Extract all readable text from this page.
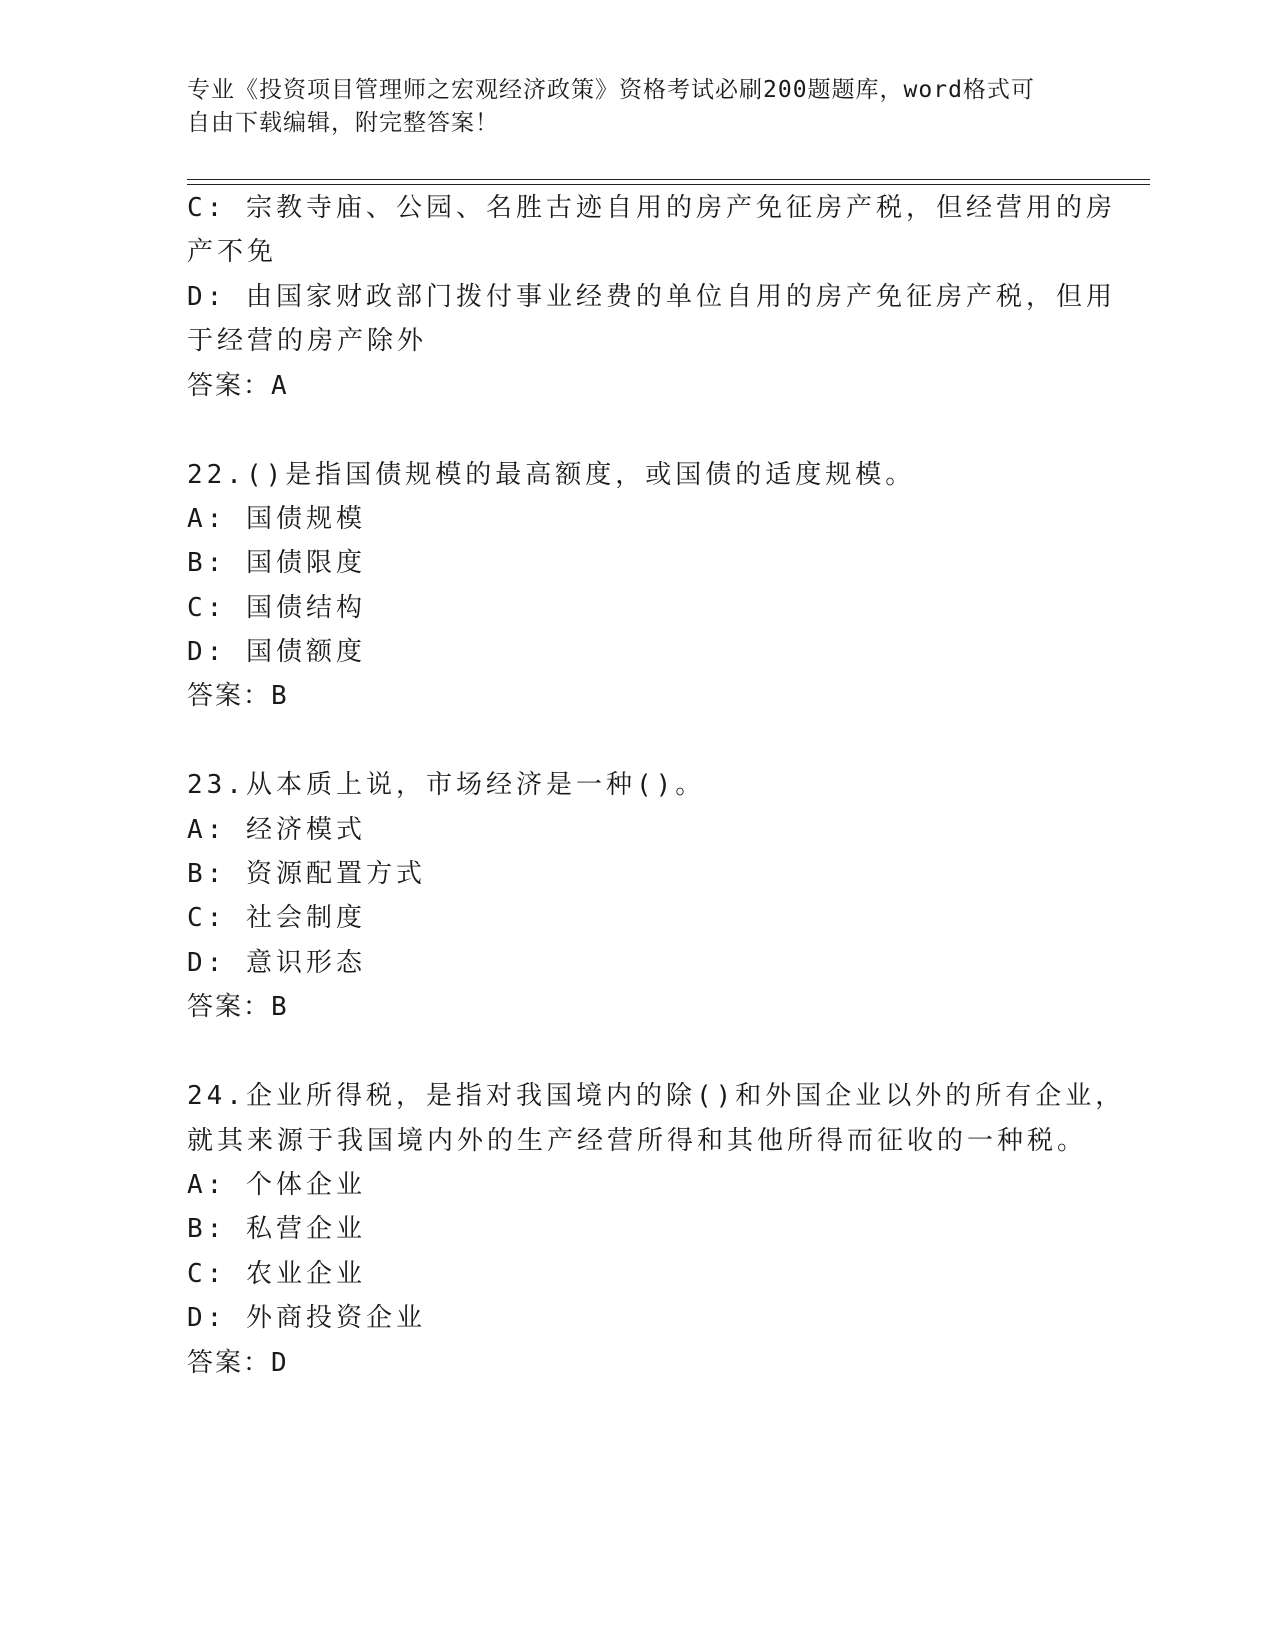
专业《投资项目管理师之宏观经济政策》资格考试必刷200题题库，word格式可
自由下载编辑，附完整答案！
C: 宗教寺庙、公园、名胜古迹自用的房产免征房产税，但经营用的房
产不免
D: 由国家财政部门拨付事业经费的单位自用的房产免征房产税，但用
于经营的房产除外
答案：A
22.()是指国债规模的最高额度，或国债的适度规模。
A: 国债规模
B: 国债限度
C: 国债结构
D: 国债额度
答案：B
23.从本质上说，市场经济是一种()。
A: 经济模式
B: 资源配置方式
C: 社会制度
D: 意识形态
答案：B
24.企业所得税，是指对我国境内的除()和外国企业以外的所有企业，
就其来源于我国境内外的生产经营所得和其他所得而征收的一种税。
A: 个体企业
B: 私营企业
C: 农业企业
D: 外商投资企业
答案：D
